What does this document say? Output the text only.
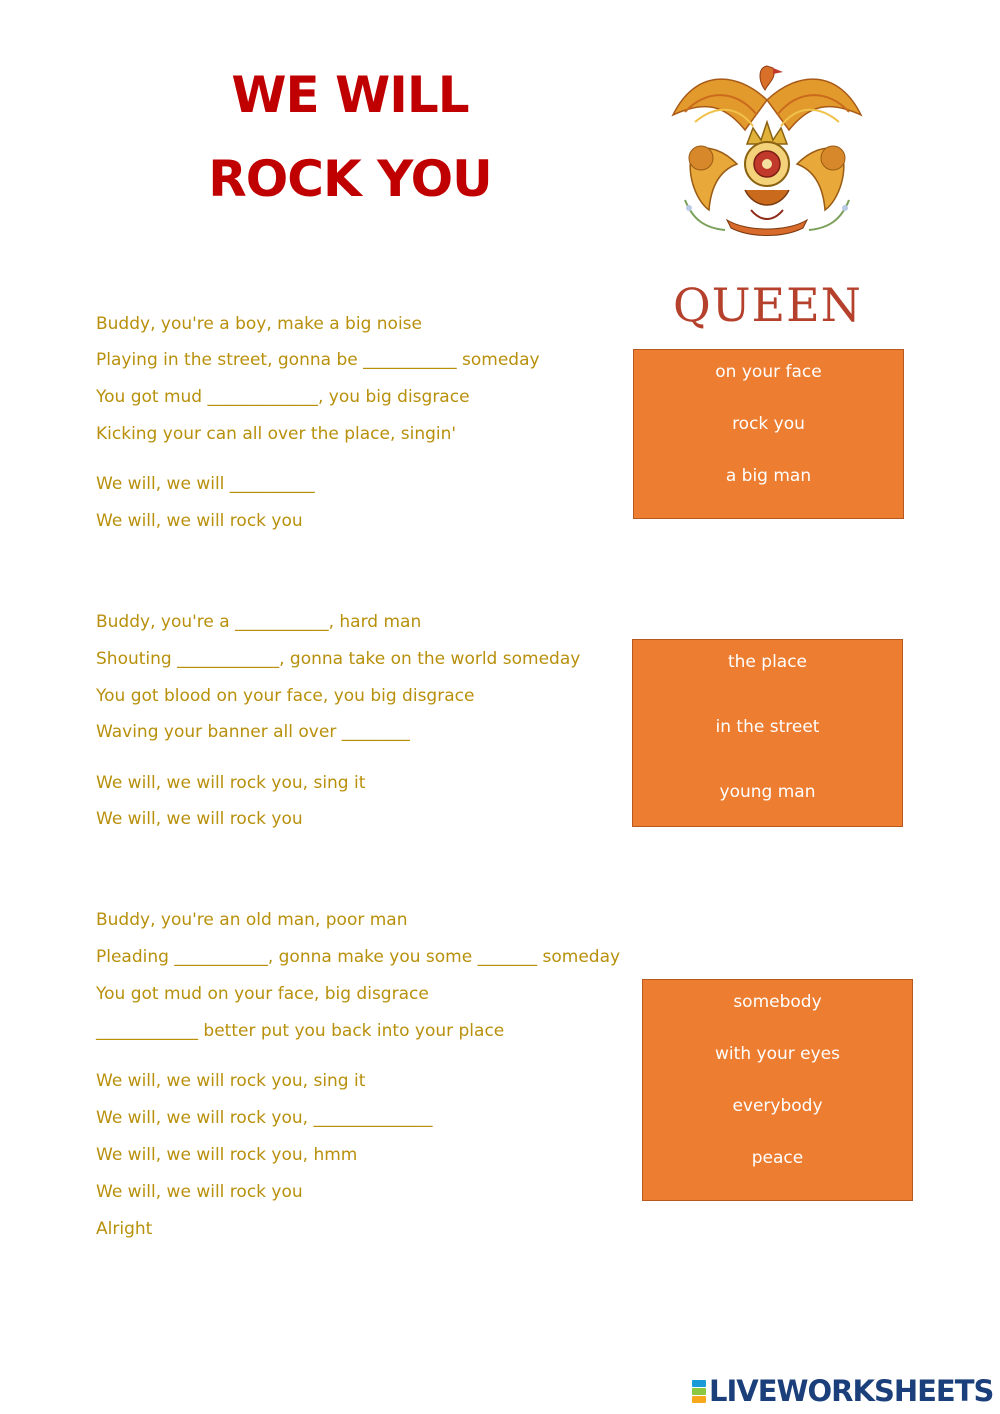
WE WILL
ROCK YOU
QUEEN

Buddy, you're a boy, make a big noise

Playing in the street, gonna be ___________ someday

You got mud _____________, you big disgrace

Kicking your can all over the place, singin'

We will, we will __________

We will, we will rock you

on your face

rock you

a big man

Buddy, you're a ___________, hard man

Shouting ____________, gonna take on the world someday

You got blood on your face, you big disgrace

Waving your banner all over ________

We will, we will rock you, sing it

We will, we will rock you

the place

in the street

young man

Buddy, you're an old man, poor man

Pleading ___________, gonna make you some _______ someday

You got mud on your face, big disgrace

____________ better put you back into your place

We will, we will rock you, sing it

We will, we will rock you, ______________

We will, we will rock you, hmm

We will, we will rock you

Alright

somebody

with your eyes

everybody

peace

LIVEWORKSHEETS
